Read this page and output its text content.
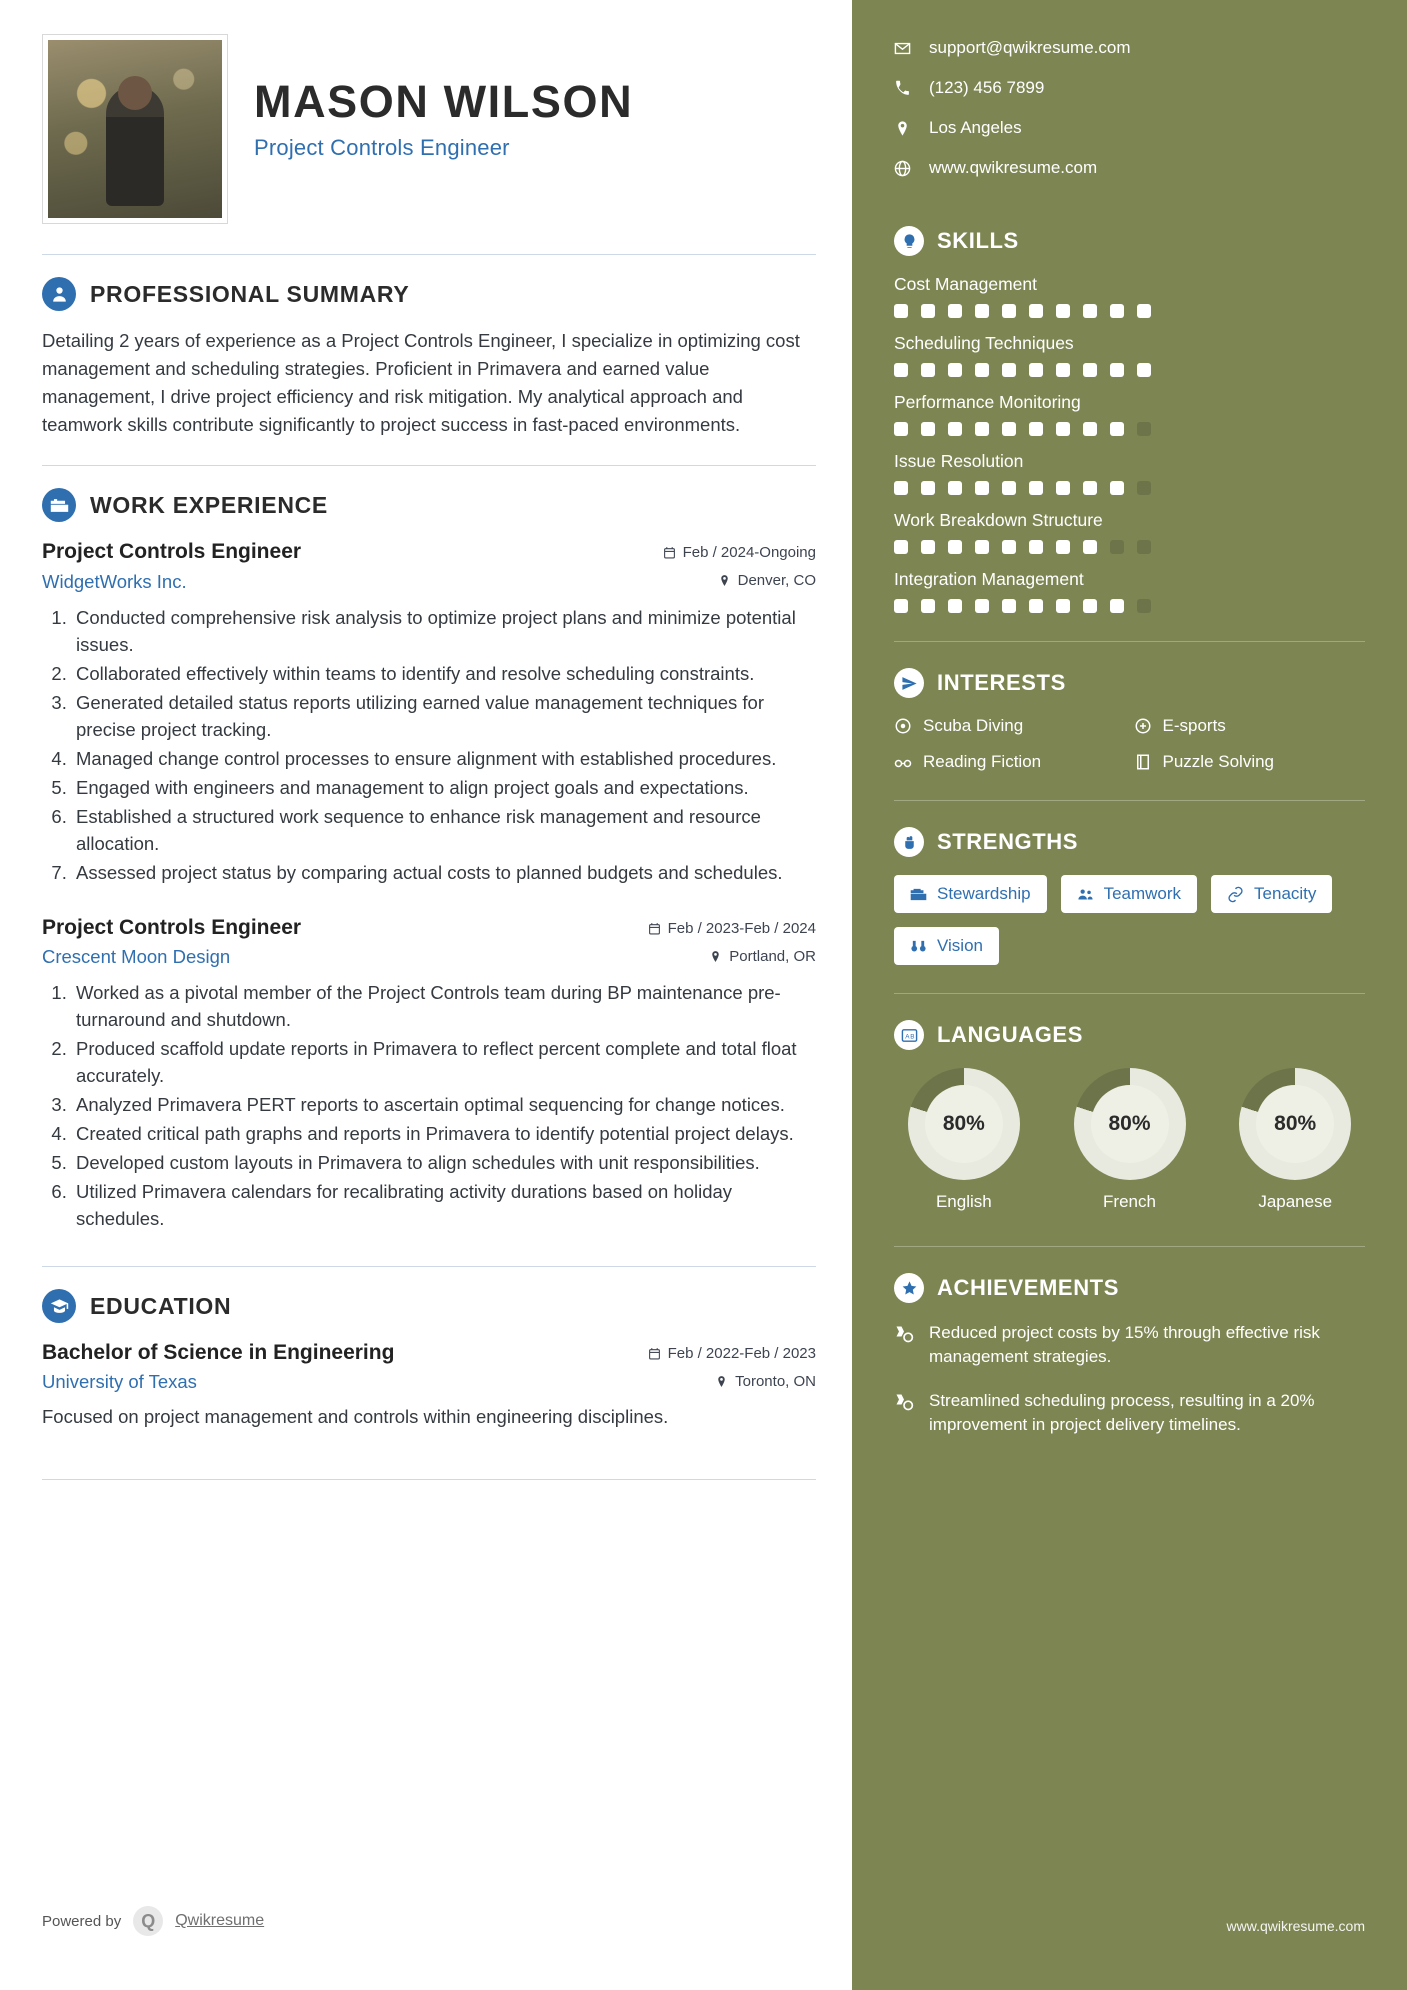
MASON WILSON
Project Controls Engineer
PROFESSIONAL SUMMARY
Detailing 2 years of experience as a Project Controls Engineer, I specialize in optimizing cost management and scheduling strategies. Proficient in Primavera and earned value management, I drive project efficiency and risk mitigation. My analytical approach and teamwork skills contribute significantly to project success in fast-paced environments.
WORK EXPERIENCE
Project Controls Engineer
WidgetWorks Inc.
Feb / 2024-Ongoing
Denver, CO
1. Conducted comprehensive risk analysis to optimize project plans and minimize potential issues.
2. Collaborated effectively within teams to identify and resolve scheduling constraints.
3. Generated detailed status reports utilizing earned value management techniques for precise project tracking.
4. Managed change control processes to ensure alignment with established procedures.
5. Engaged with engineers and management to align project goals and expectations.
6. Established a structured work sequence to enhance risk management and resource allocation.
7. Assessed project status by comparing actual costs to planned budgets and schedules.
Project Controls Engineer
Crescent Moon Design
Feb / 2023-Feb / 2024
Portland, OR
1. Worked as a pivotal member of the Project Controls team during BP maintenance pre-turnaround and shutdown.
2. Produced scaffold update reports in Primavera to reflect percent complete and total float accurately.
3. Analyzed Primavera PERT reports to ascertain optimal sequencing for change notices.
4. Created critical path graphs and reports in Primavera to identify potential project delays.
5. Developed custom layouts in Primavera to align schedules with unit responsibilities.
6. Utilized Primavera calendars for recalibrating activity durations based on holiday schedules.
EDUCATION
Bachelor of Science in Engineering
University of Texas
Feb / 2022-Feb / 2023
Toronto, ON
Focused on project management and controls within engineering disciplines.
Powered by	Q	Qwikresume
support@qwikresume.com
(123) 456 7899
Los Angeles
www.qwikresume.com
SKILLS
Cost Management
Scheduling Techniques
Performance Monitoring
Issue Resolution
Work Breakdown Structure
Integration Management
INTERESTS
Scuba Diving	E-sports
Reading Fiction	Puzzle Solving
STRENGTHS
Stewardship	Teamwork	Tenacity
Vision
A B LANGUAGES
80%
English
80%
French
80%
Japanese
ACHIEVEMENTS
Reduced project costs by 15% through effective risk management strategies.
Streamlined scheduling process, resulting in a 20% improvement in project delivery timelines.
www.qwikresume.com
